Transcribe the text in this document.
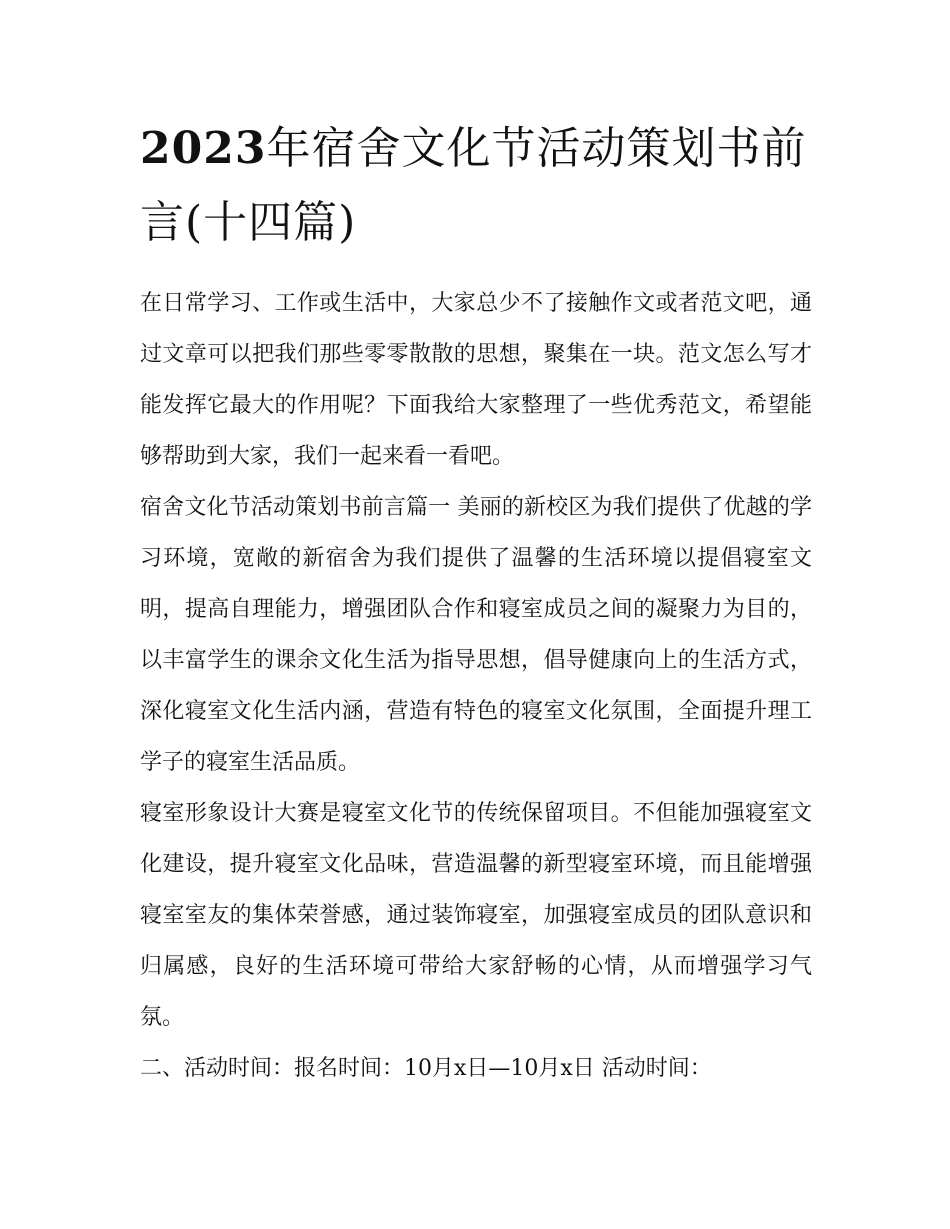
2023年宿舍文化节活动策划书前言(十四篇)

在日常学习、工作或生活中，大家总少不了接触作文或者范文吧，通过文章可以把我们那些零零散散的思想，聚集在一块。范文怎么写才能发挥它最大的作用呢？下面我给大家整理了一些优秀范文，希望能够帮助到大家，我们一起来看一看吧。

宿舍文化节活动策划书前言篇一 美丽的新校区为我们提供了优越的学习环境，宽敞的新宿舍为我们提供了温馨的生活环境以提倡寝室文明，提高自理能力，增强团队合作和寝室成员之间的凝聚力为目的，以丰富学生的课余文化生活为指导思想，倡导健康向上的生活方式，深化寝室文化生活内涵，营造有特色的寝室文化氛围，全面提升理工学子的寝室生活品质。

寝室形象设计大赛是寝室文化节的传统保留项目。不但能加强寝室文化建设，提升寝室文化品味，营造温馨的新型寝室环境，而且能增强寝室室友的集体荣誉感，通过装饰寝室，加强寝室成员的团队意识和归属感，良好的生活环境可带给大家舒畅的心情，从而增强学习气氛。

二、活动时间：报名时间：10月x日—10月x日 活动时间：
